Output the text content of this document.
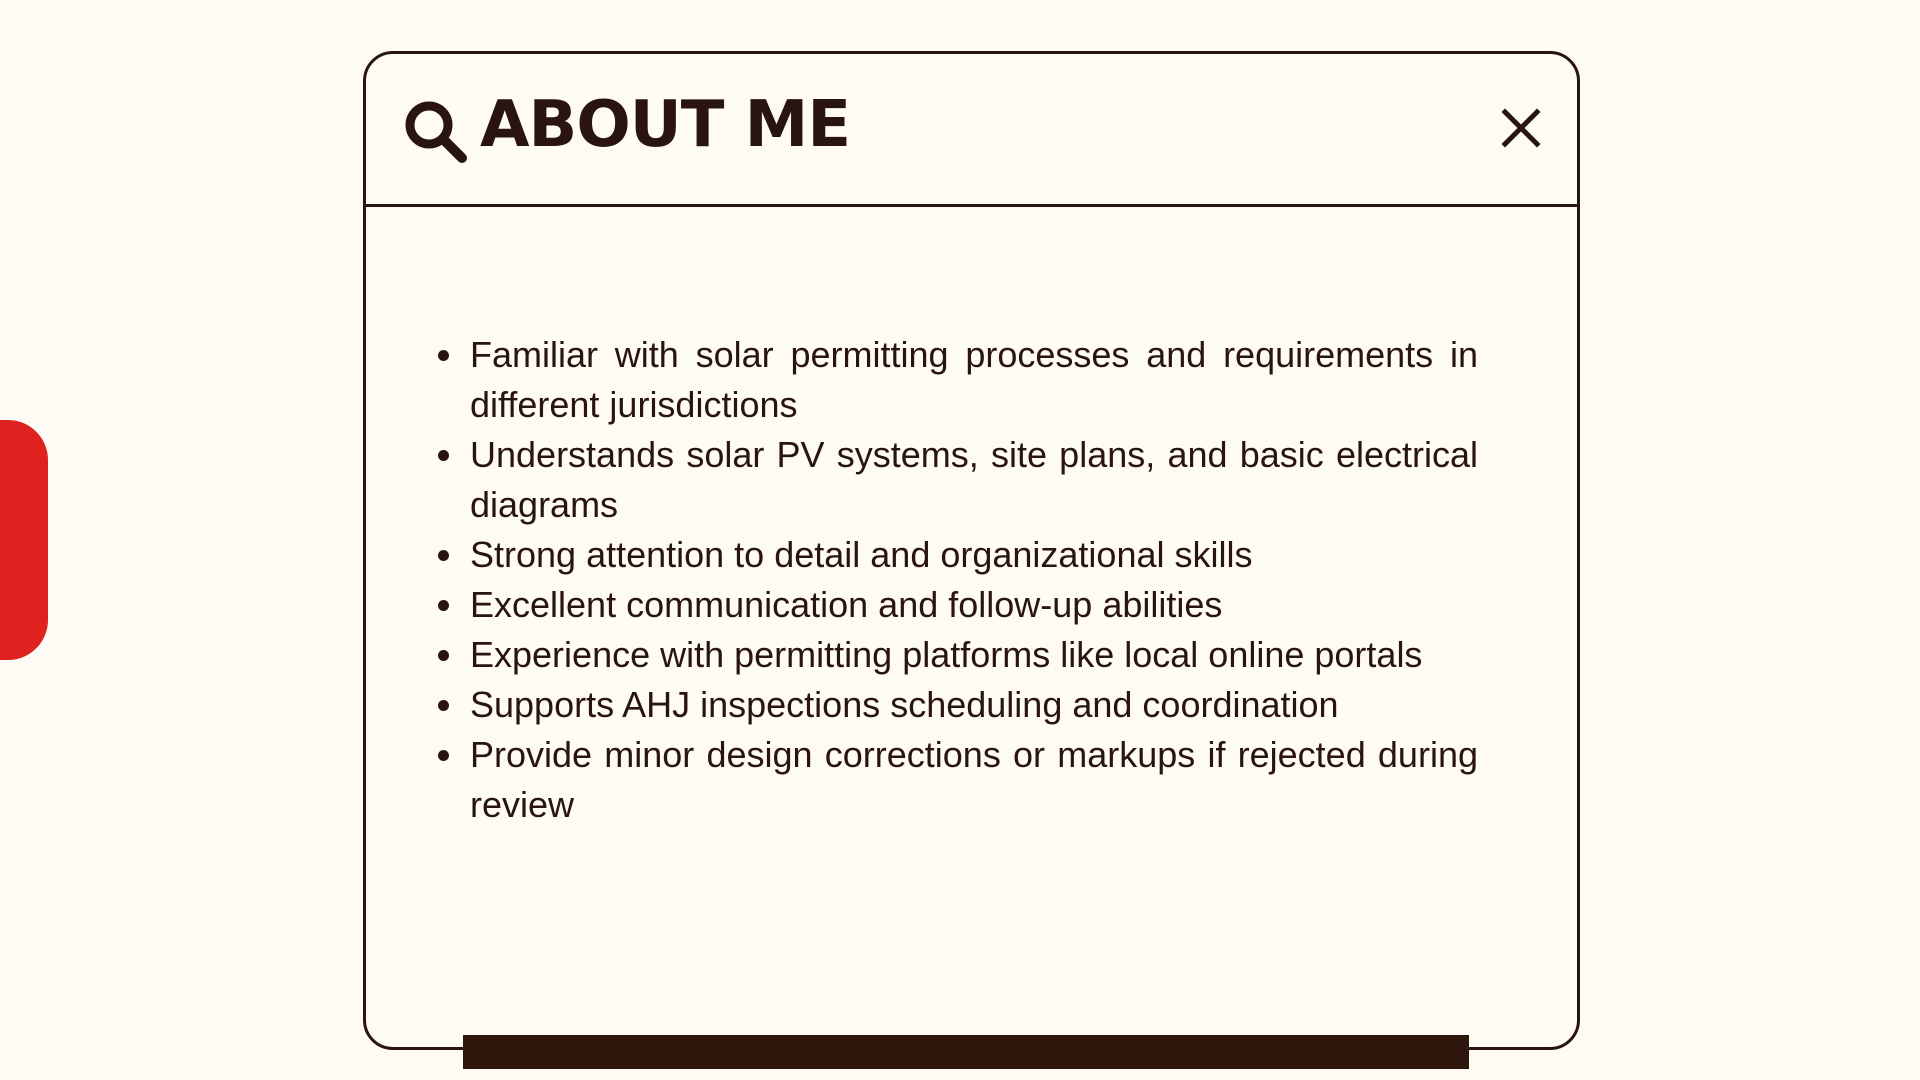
ABOUT ME
Familiar with solar permitting processes and requirements in different jurisdictions
Understands solar PV systems, site plans, and basic electrical diagrams
Strong attention to detail and organizational skills
Excellent communication and follow-up abilities
Experience with permitting platforms like local online portals
Supports AHJ inspections scheduling and coordination
Provide minor design corrections or markups if rejected during review
